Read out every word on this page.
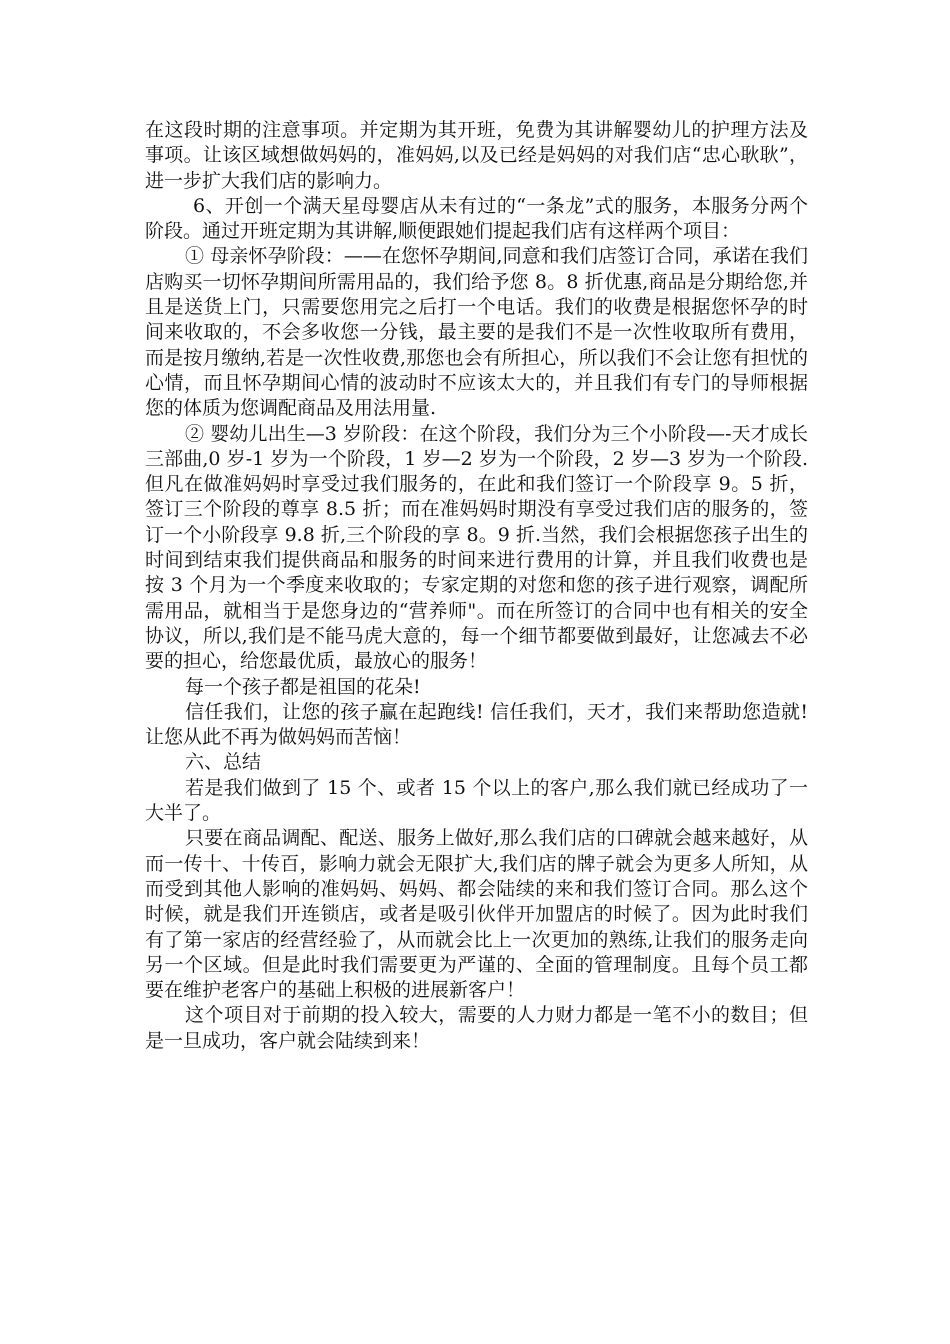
在这段时期的注意事项。并定期为其开班，免费为其讲解婴幼儿的护理方法及事项。让该区域想做妈妈的，准妈妈,以及已经是妈妈的对我们店“忠心耿耿”，进一步扩大我们店的影响力。

6、开创一个满天星母婴店从未有过的“一条龙”式的服务，本服务分两个阶段。通过开班定期为其讲解,顺便跟她们提起我们店有这样两个项目：

① 母亲怀孕阶段：——在您怀孕期间,同意和我们店签订合同，承诺在我们店购买一切怀孕期间所需用品的，我们给予您 8。8 折优惠,商品是分期给您,并且是送货上门，只需要您用完之后打一个电话。我们的收费是根据您怀孕的时间来收取的，不会多收您一分钱，最主要的是我们不是一次性收取所有费用，而是按月缴纳,若是一次性收费,那您也会有所担心，所以我们不会让您有担忧的心情，而且怀孕期间心情的波动时不应该太大的，并且我们有专门的导师根据您的体质为您调配商品及用法用量.

② 婴幼儿出生—3 岁阶段：在这个阶段，我们分为三个小阶段—-天才成长三部曲,0 岁-1 岁为一个阶段，1 岁—2 岁为一个阶段，2 岁—3 岁为一个阶段.但凡在做准妈妈时享受过我们服务的，在此和我们签订一个阶段享 9。5 折，签订三个阶段的尊享 8.5 折；而在准妈妈时期没有享受过我们店的服务的，签订一个小阶段享 9.8 折,三个阶段的享 8。9 折.当然，我们会根据您孩子出生的时间到结束我们提供商品和服务的时间来进行费用的计算，并且我们收费也是按 3 个月为一个季度来收取的；专家定期的对您和您的孩子进行观察，调配所需用品，就相当于是您身边的“营养师"。而在所签订的合同中也有相关的安全协议，所以,我们是不能马虎大意的，每一个细节都要做到最好，让您减去不必要的担心，给您最优质，最放心的服务！

每一个孩子都是祖国的花朵!

信任我们，让您的孩子赢在起跑线! 信任我们，天才，我们来帮助您造就! 让您从此不再为做妈妈而苦恼！

六、总结

若是我们做到了 15 个、或者 15 个以上的客户,那么我们就已经成功了一大半了。

只要在商品调配、配送、服务上做好,那么我们店的口碑就会越来越好，从而一传十、十传百，影响力就会无限扩大,我们店的牌子就会为更多人所知，从而受到其他人影响的准妈妈、妈妈、都会陆续的来和我们签订合同。那么这个时候，就是我们开连锁店，或者是吸引伙伴开加盟店的时候了。因为此时我们有了第一家店的经营经验了，从而就会比上一次更加的熟练,让我们的服务走向另一个区域。但是此时我们需要更为严谨的、全面的管理制度。且每个员工都要在维护老客户的基础上积极的进展新客户！

这个项目对于前期的投入较大，需要的人力财力都是一笔不小的数目；但是一旦成功，客户就会陆续到来！
